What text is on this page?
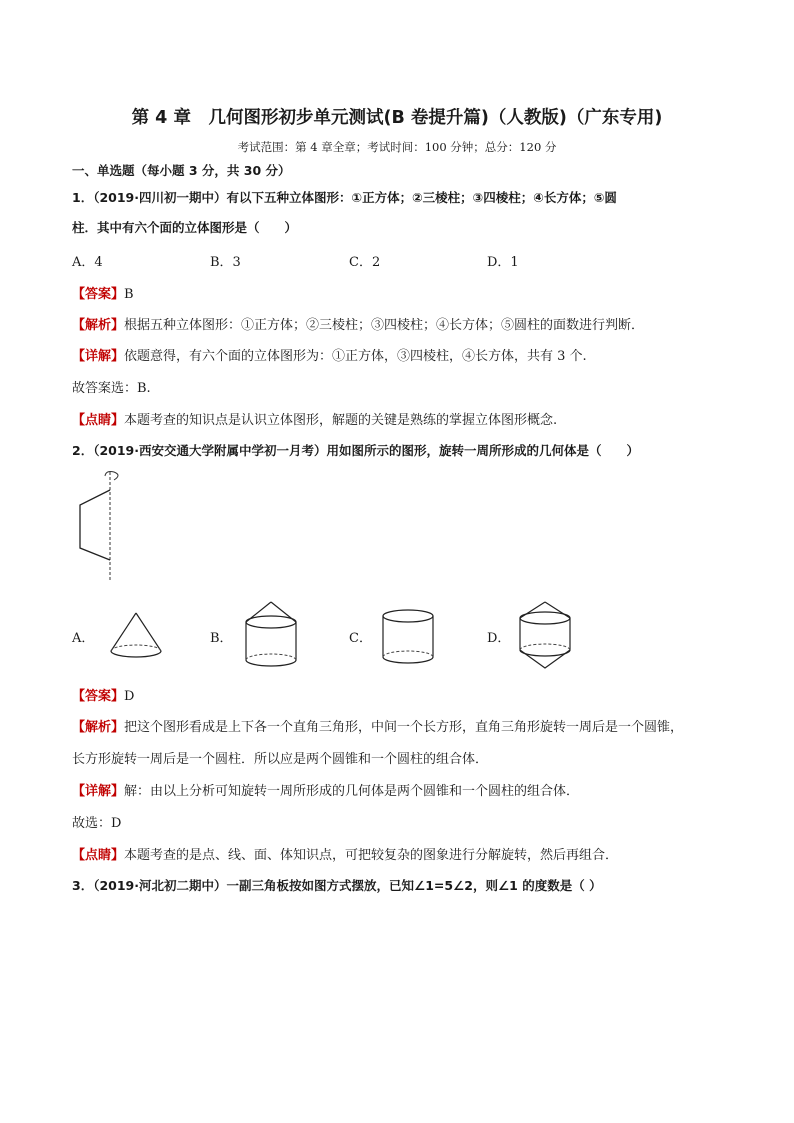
第 4 章　几何图形初步单元测试(B 卷提升篇)（人教版)（广东专用)
考试范围：第 4 章全章；考试时间：100 分钟；总分：120 分
一、单选题（每小题 3 分，共 30 分）
1．（2019·四川初一期中）有以下五种立体图形：①正方体；②三棱柱；③四棱柱；④长方体；⑤圆
柱．其中有六个面的立体图形是（　　）
A．4	B．3	C．2	D．1
【答案】B
【解析】根据五种立体图形：①正方体；②三棱柱；③四棱柱；④长方体；⑤圆柱的面数进行判断．
【详解】依题意得，有六个面的立体图形为：①正方体，③四棱柱，④长方体，共有 3 个.
故答案选：B.
【点睛】本题考查的知识点是认识立体图形，解题的关键是熟练的掌握立体图形概念.
2．（2019·西安交通大学附属中学初一月考）用如图所示的图形，旋转一周所形成的几何体是（　　）
A．	B．	C．	D．
【答案】D
【解析】把这个图形看成是上下各一个直角三角形，中间一个长方形，直角三角形旋转一周后是一个圆锥，
长方形旋转一周后是一个圆柱．所以应是两个圆锥和一个圆柱的组合体．
【详解】解：由以上分析可知旋转一周所形成的几何体是两个圆锥和一个圆柱的组合体．
故选：D
【点睛】本题考查的是点、线、面、体知识点，可把较复杂的图象进行分解旋转，然后再组合．
3．（2019·河北初二期中）一副三角板按如图方式摆放，已知∠1=5∠2，则∠1 的度数是（ ）
